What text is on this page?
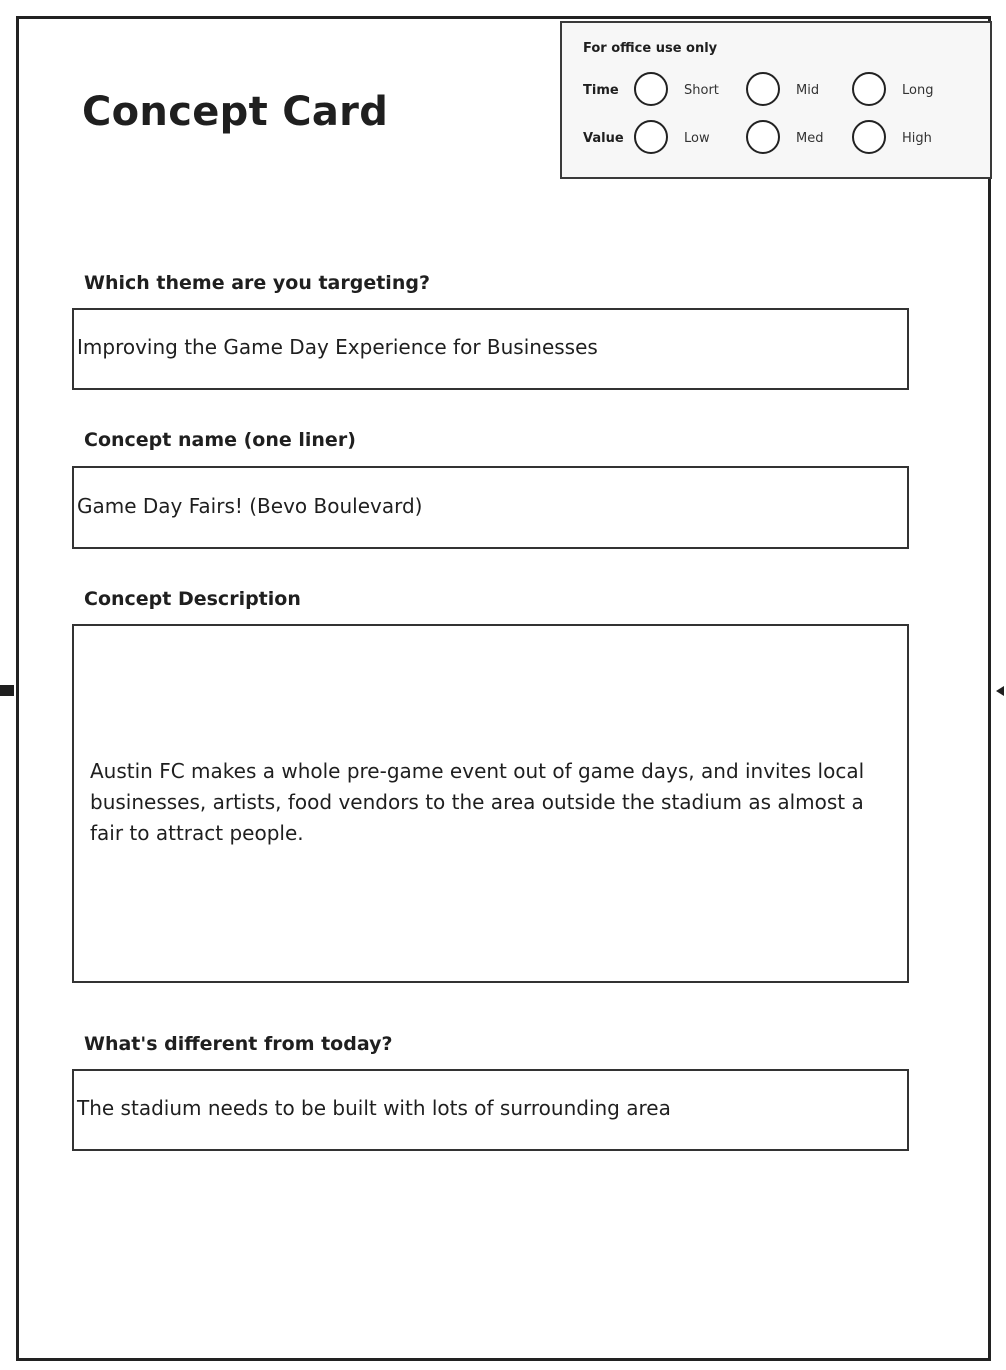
Concept Card
For office use only
Time	Short	Mid	Long
Value	Low	Med	High
Which theme are you targeting?
Improving the Game Day Experience for Businesses
Concept name (one liner)
Game Day Fairs! (Bevo Boulevard)
Concept Description
Austin FC makes a whole pre-game event out of game days, and invites local businesses, artists, food vendors to the area outside the stadium as almost a fair to attract people.
What's different from today?
The stadium needs to be built with lots of surrounding area
